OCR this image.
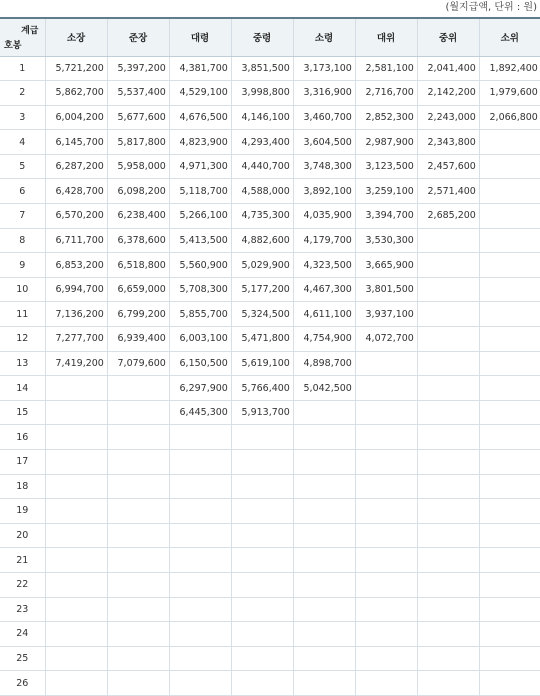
(월지급액, 단위 : 원)
계급
호봉	소장	준장	대령	중령	소령	대위	중위	소위
1	5,721,200	5,397,200	4,381,700	3,851,500	3,173,100	2,581,100	2,041,400	1,892,400
2	5,862,700	5,537,400	4,529,100	3,998,800	3,316,900	2,716,700	2,142,200	1,979,600
3	6,004,200	5,677,600	4,676,500	4,146,100	3,460,700	2,852,300	2,243,000	2,066,800
4	6,145,700	5,817,800	4,823,900	4,293,400	3,604,500	2,987,900	2,343,800	
5	6,287,200	5,958,000	4,971,300	4,440,700	3,748,300	3,123,500	2,457,600	
6	6,428,700	6,098,200	5,118,700	4,588,000	3,892,100	3,259,100	2,571,400	
7	6,570,200	6,238,400	5,266,100	4,735,300	4,035,900	3,394,700	2,685,200	
8	6,711,700	6,378,600	5,413,500	4,882,600	4,179,700	3,530,300		
9	6,853,200	6,518,800	5,560,900	5,029,900	4,323,500	3,665,900		
10	6,994,700	6,659,000	5,708,300	5,177,200	4,467,300	3,801,500		
11	7,136,200	6,799,200	5,855,700	5,324,500	4,611,100	3,937,100		
12	7,277,700	6,939,400	6,003,100	5,471,800	4,754,900	4,072,700		
13	7,419,200	7,079,600	6,150,500	5,619,100	4,898,700			
14			6,297,900	5,766,400	5,042,500			
15			6,445,300	5,913,700				
16								
17								
18								
19								
20								
21								
22								
23								
24								
25								
26								
